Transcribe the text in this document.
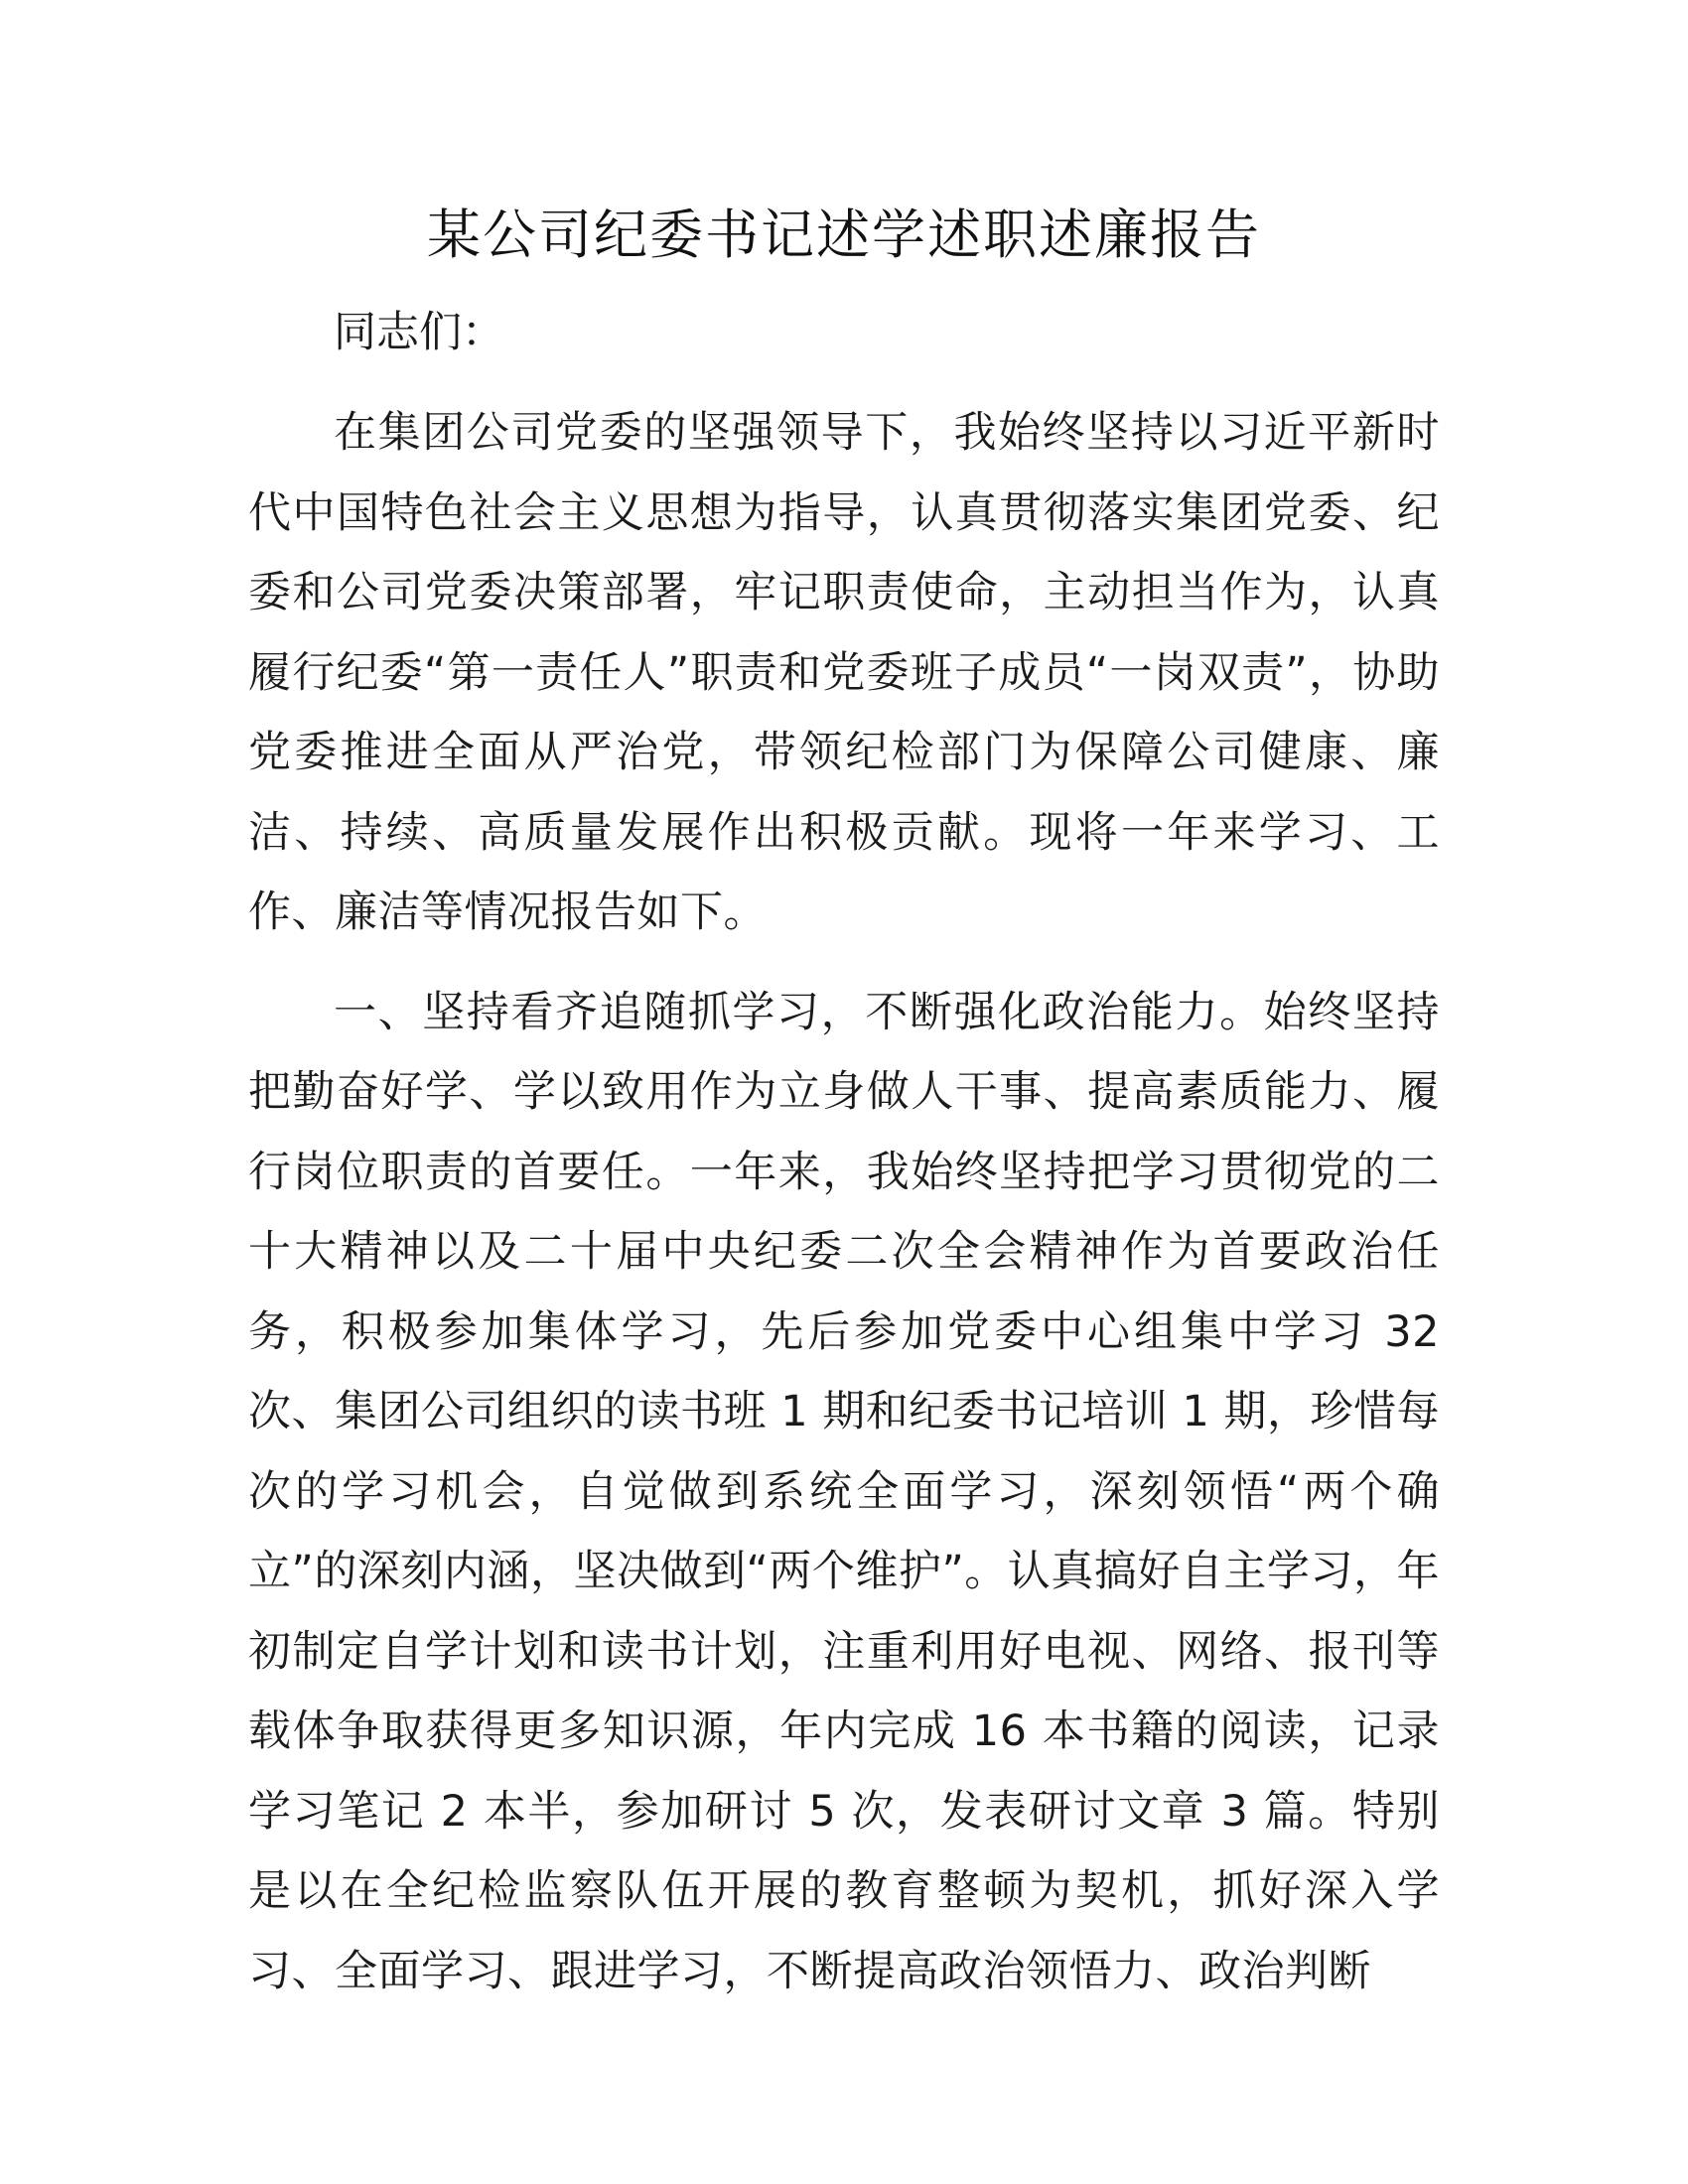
某公司纪委书记述学述职述廉报告

同志们：

在集团公司党委的坚强领导下，我始终坚持以习近平新时代中国特色社会主义思想为指导，认真贯彻落实集团党委、纪委和公司党委决策部署，牢记职责使命，主动担当作为，认真履行纪委“第一责任人”职责和党委班子成员“一岗双责”，协助党委推进全面从严治党，带领纪检部门为保障公司健康、廉洁、持续、高质量发展作出积极贡献。现将一年来学习、工作、廉洁等情况报告如下。

一、坚持看齐追随抓学习，不断强化政治能力。始终坚持把勤奋好学、学以致用作为立身做人干事、提高素质能力、履行岗位职责的首要任。一年来，我始终坚持把学习贯彻党的二十大精神以及二十届中央纪委二次全会精神作为首要政治任务，积极参加集体学习，先后参加党委中心组集中学习 32 次、集团公司组织的读书班 1 期和纪委书记培训 1 期，珍惜每次的学习机会，自觉做到系统全面学习，深刻领悟“两个确立”的深刻内涵，坚决做到“两个维护”。认真搞好自主学习，年初制定自学计划和读书计划，注重利用好电视、网络、报刊等载体争取获得更多知识源，年内完成 16 本书籍的阅读，记录学习笔记 2 本半，参加研讨 5 次，发表研讨文章 3 篇。特别是以在全纪检监察队伍开展的教育整顿为契机，抓好深入学习、全面学习、跟进学习，不断提高政治领悟力、政治判断
